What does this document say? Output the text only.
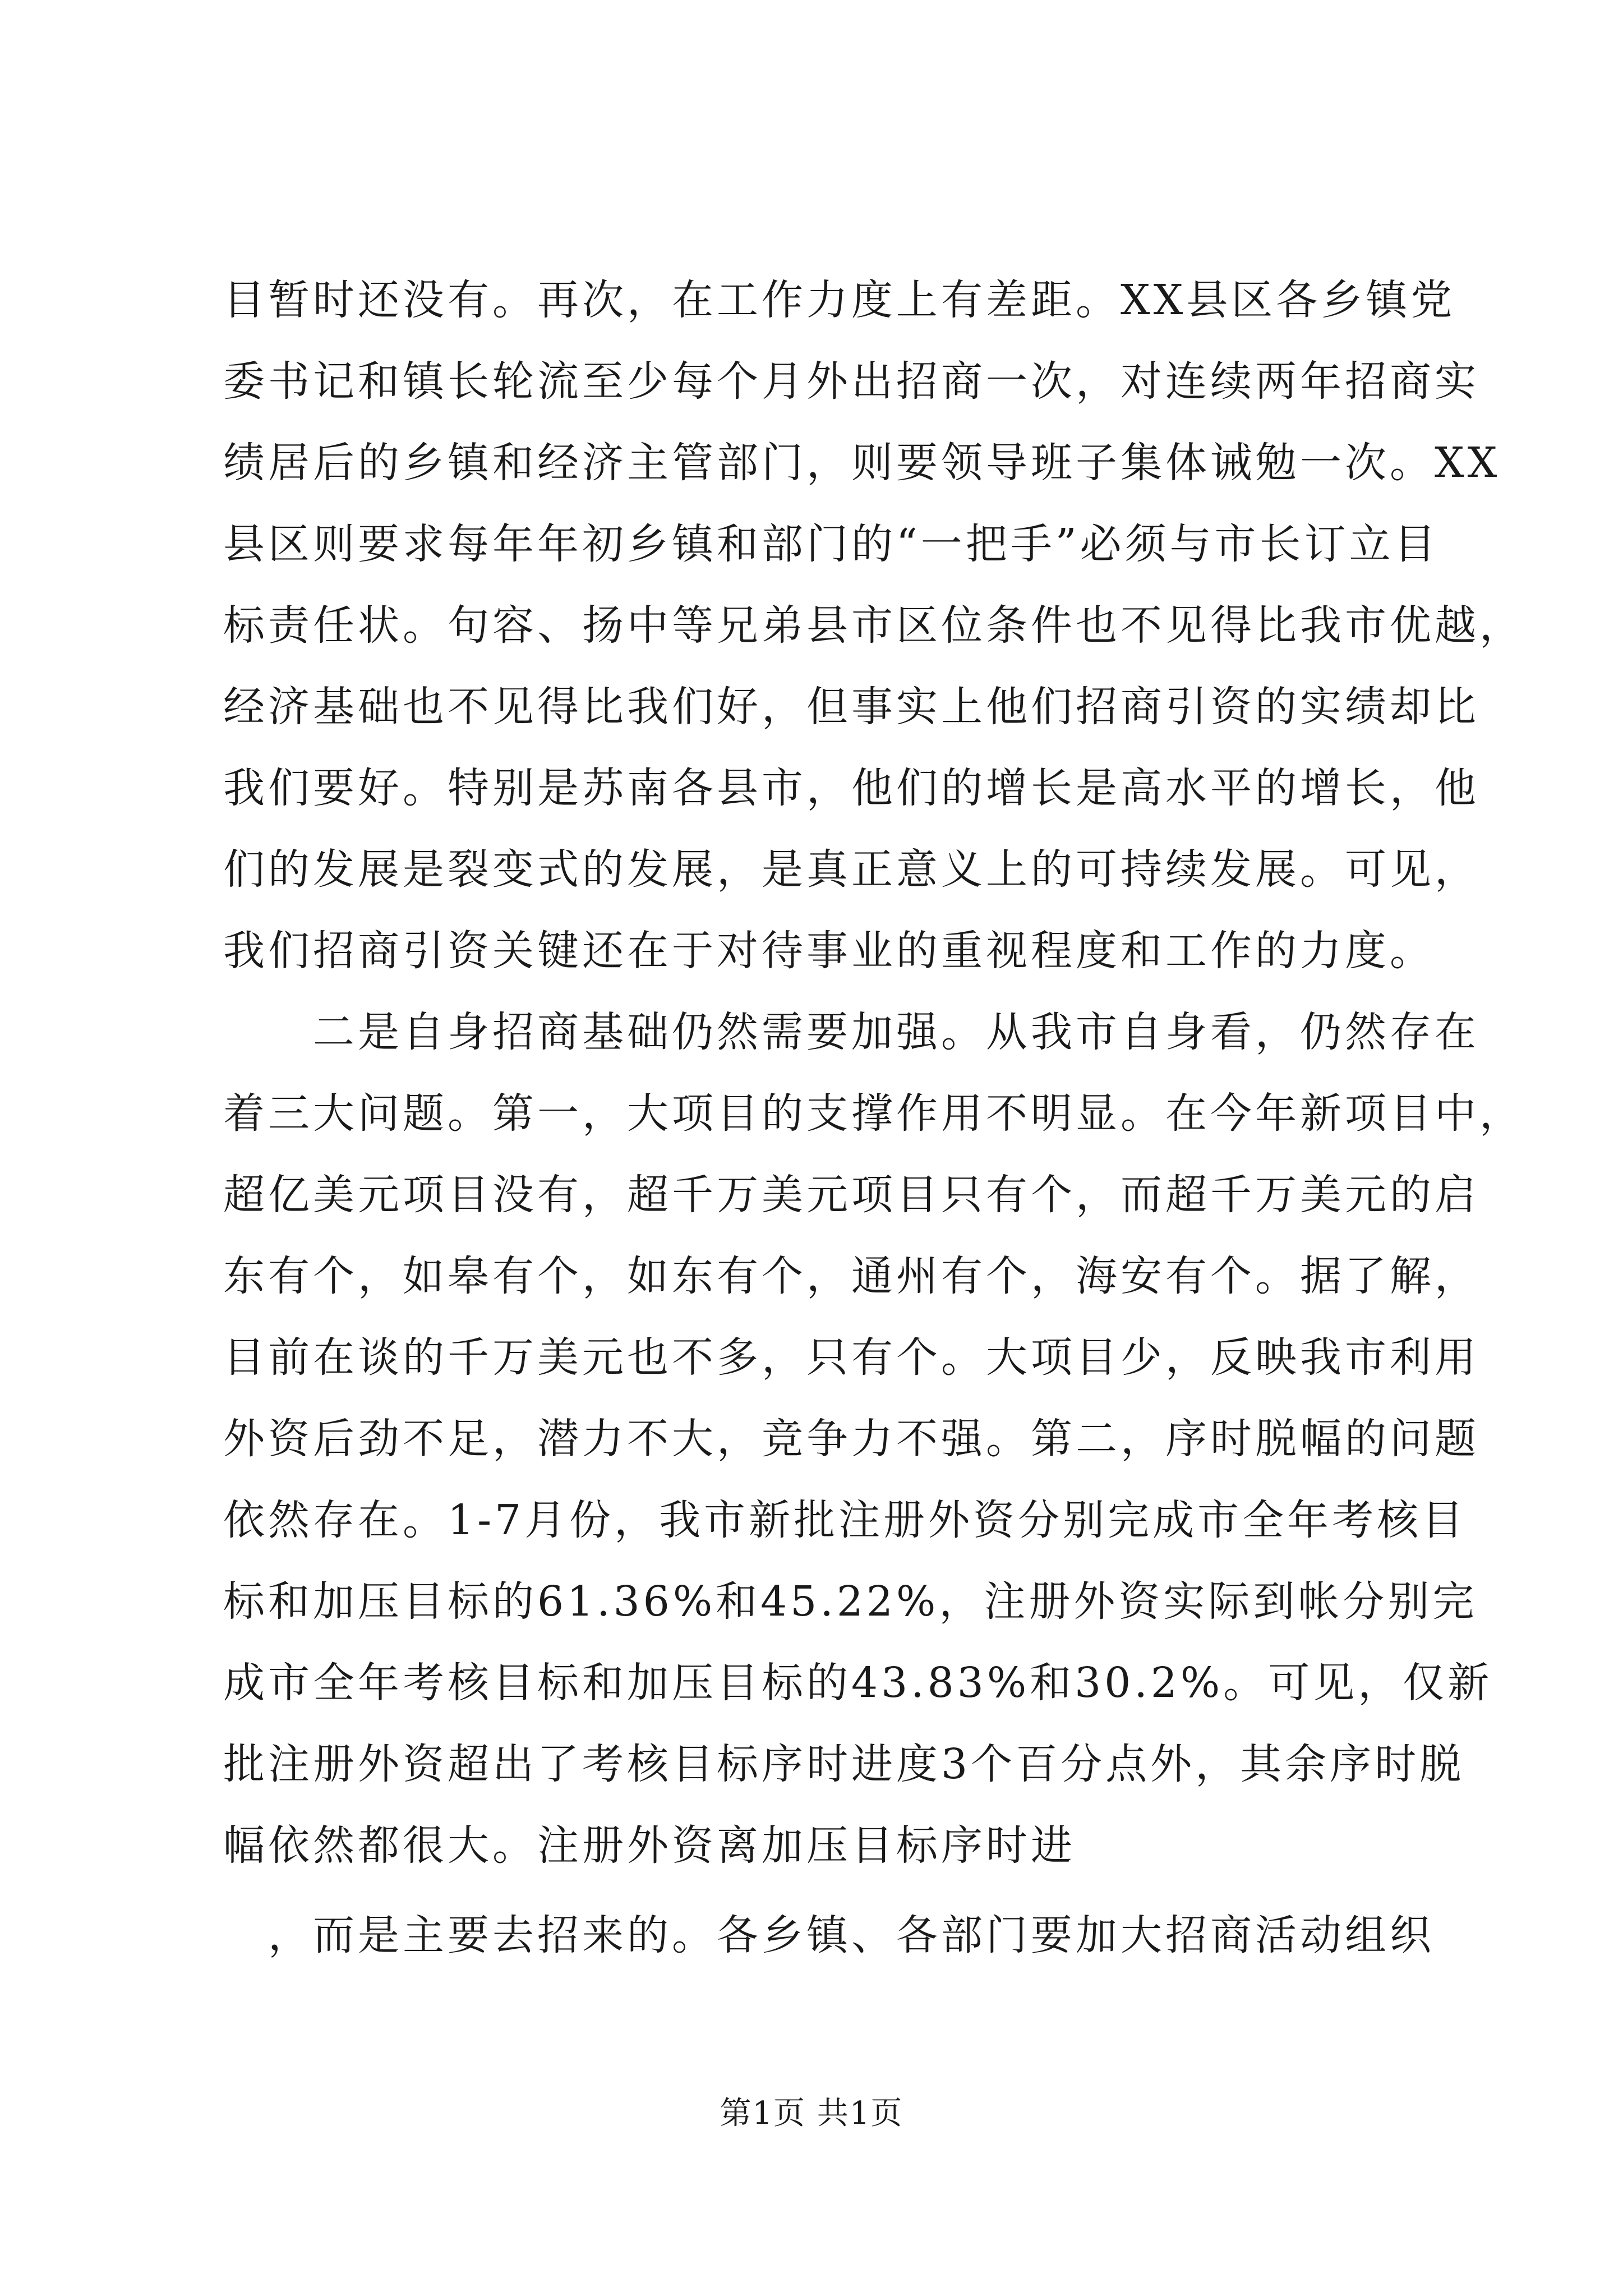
目暂时还没有。再次，在工作力度上有差距。XX县区各乡镇党
委书记和镇长轮流至少每个月外出招商一次，对连续两年招商实
绩居后的乡镇和经济主管部门，则要领导班子集体诫勉一次。XX
县区则要求每年年初乡镇和部门的“一把手”必须与市长订立目
标责任状。句容、扬中等兄弟县市区位条件也不见得比我市优越，
经济基础也不见得比我们好，但事实上他们招商引资的实绩却比
我们要好。特别是苏南各县市，他们的增长是高水平的增长，他
们的发展是裂变式的发展，是真正意义上的可持续发展。可见，
我们招商引资关键还在于对待事业的重视程度和工作的力度。
二是自身招商基础仍然需要加强。从我市自身看，仍然存在
着三大问题。第一，大项目的支撑作用不明显。在今年新项目中，
超亿美元项目没有，超千万美元项目只有个，而超千万美元的启
东有个，如皋有个，如东有个，通州有个，海安有个。据了解，
目前在谈的千万美元也不多，只有个。大项目少，反映我市利用
外资后劲不足，潜力不大，竞争力不强。第二，序时脱幅的问题
依然存在。1-7月份，我市新批注册外资分别完成市全年考核目
标和加压目标的61.36%和45.22%，注册外资实际到帐分别完
成市全年考核目标和加压目标的43.83%和30.2%。可见，仅新
批注册外资超出了考核目标序时进度3个百分点外，其余序时脱
幅依然都很大。注册外资离加压目标序时进
，而是主要去招来的。各乡镇、各部门要加大招商活动组织
第1页 共1页
